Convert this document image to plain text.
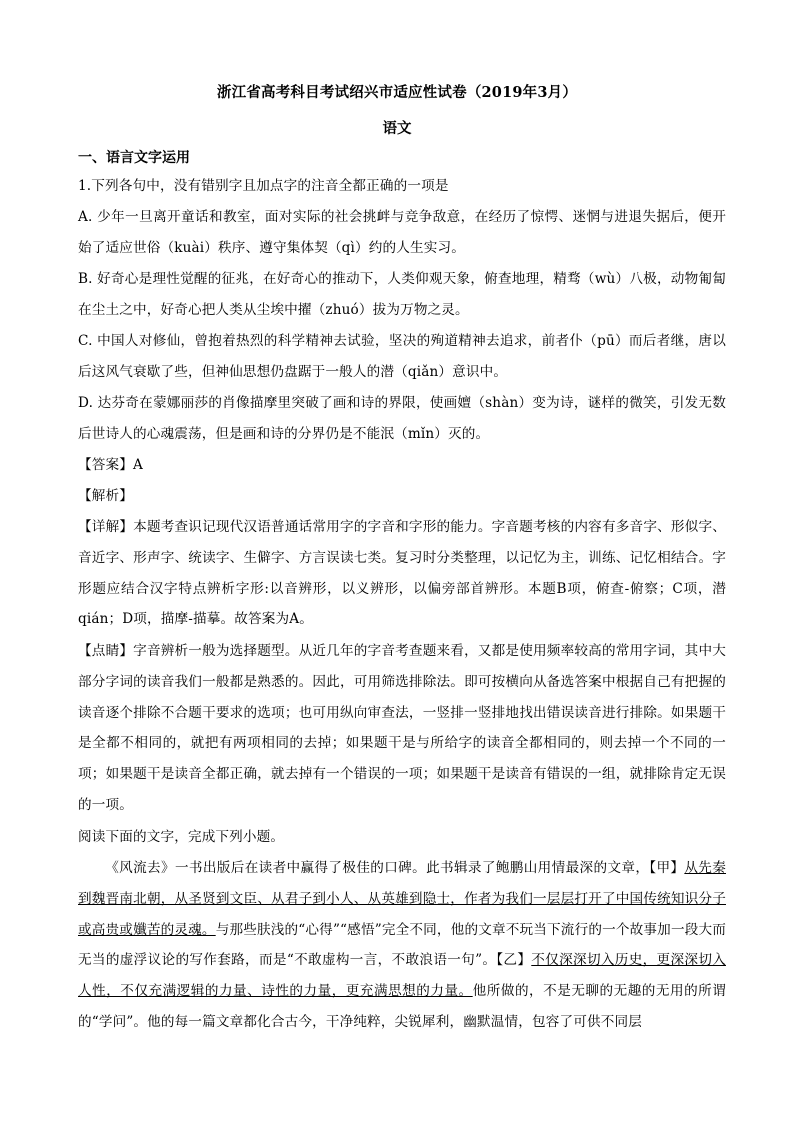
浙江省高考科目考试绍兴市适应性试卷（2019年3月）
语文
一、语言文字运用
1.下列各句中，没有错别字且加点字的注音全都正确的一项是
A. 少年一旦离开童话和教室，面对实际的社会挑衅与竞争敌意，在经历了惊愕、迷惘与进退失据后，便开始了适应世俗（kuài）秩序、遵守集体契（qì）约的人生实习。
B. 好奇心是理性觉醒的征兆，在好奇心的推动下，人类仰观天象，俯查地理，精骛（wù）八极，动物匍匐在尘土之中，好奇心把人类从尘埃中擢（zhuó）拔为万物之灵。
C. 中国人对修仙，曾抱着热烈的科学精神去试验，坚决的殉道精神去追求，前者仆（pū）而后者继，唐以后这风气衰歇了些，但神仙思想仍盘踞于一般人的潜（qiǎn）意识中。
D. 达芬奇在蒙娜丽莎的肖像描摩里突破了画和诗的界限，使画嬗（shàn）变为诗，谜样的微笑，引发无数后世诗人的心魂震荡，但是画和诗的分界仍是不能泯（mǐn）灭的。
【答案】A
【解析】
【详解】本题考查识记现代汉语普通话常用字的字音和字形的能力。字音题考核的内容有多音字、形似字、音近字、形声字、统读字、生僻字、方言误读七类。复习时分类整理，以记忆为主，训练、记忆相结合。字形题应结合汉字特点辨析字形:以音辨形，以义辨形，以偏旁部首辨形。本题B项，俯查-俯察；C项，潜qián；D项，描摩-描摹。故答案为A。
【点睛】字音辨析一般为选择题型。从近几年的字音考查题来看，又都是使用频率较高的常用字词，其中大部分字词的读音我们一般都是熟悉的。因此，可用筛选排除法。即可按横向从备选答案中根据自己有把握的读音逐个排除不合题干要求的选项；也可用纵向审查法，一竖排一竖排地找出错误读音进行排除。如果题干是全都不相同的，就把有两项相同的去掉；如果题干是与所给字的读音全都相同的，则去掉一个不同的一项；如果题干是读音全都正确，就去掉有一个错误的一项；如果题干是读音有错误的一组，就排除肯定无误的一项。
阅读下面的文字，完成下列小题。
《风流去》一书出版后在读者中赢得了极佳的口碑。此书辑录了鲍鹏山用情最深的文章，【甲】从先秦到魏晋南北朝，从圣贤到文臣、从君子到小人、从英雄到隐士，作者为我们一层层打开了中国传统知识分子或高贵或孅苦的灵魂。与那些肤浅的“心得”“感悟”完全不同，他的文章不玩当下流行的一个故事加一段大而无当的虚浮议论的写作套路，而是“不敢虚构一言，不敢浪语一句”。【乙】不仅深深切入历史，更深深切入人性，不仅充满逻辑的力量、诗性的力量，更充满思想的力量。他所做的，不是无聊的无趣的无用的所谓的“学问”。他的每一篇文章都化合古今，干净纯粹，尖锐犀利，幽默温情，包容了可供不同层
